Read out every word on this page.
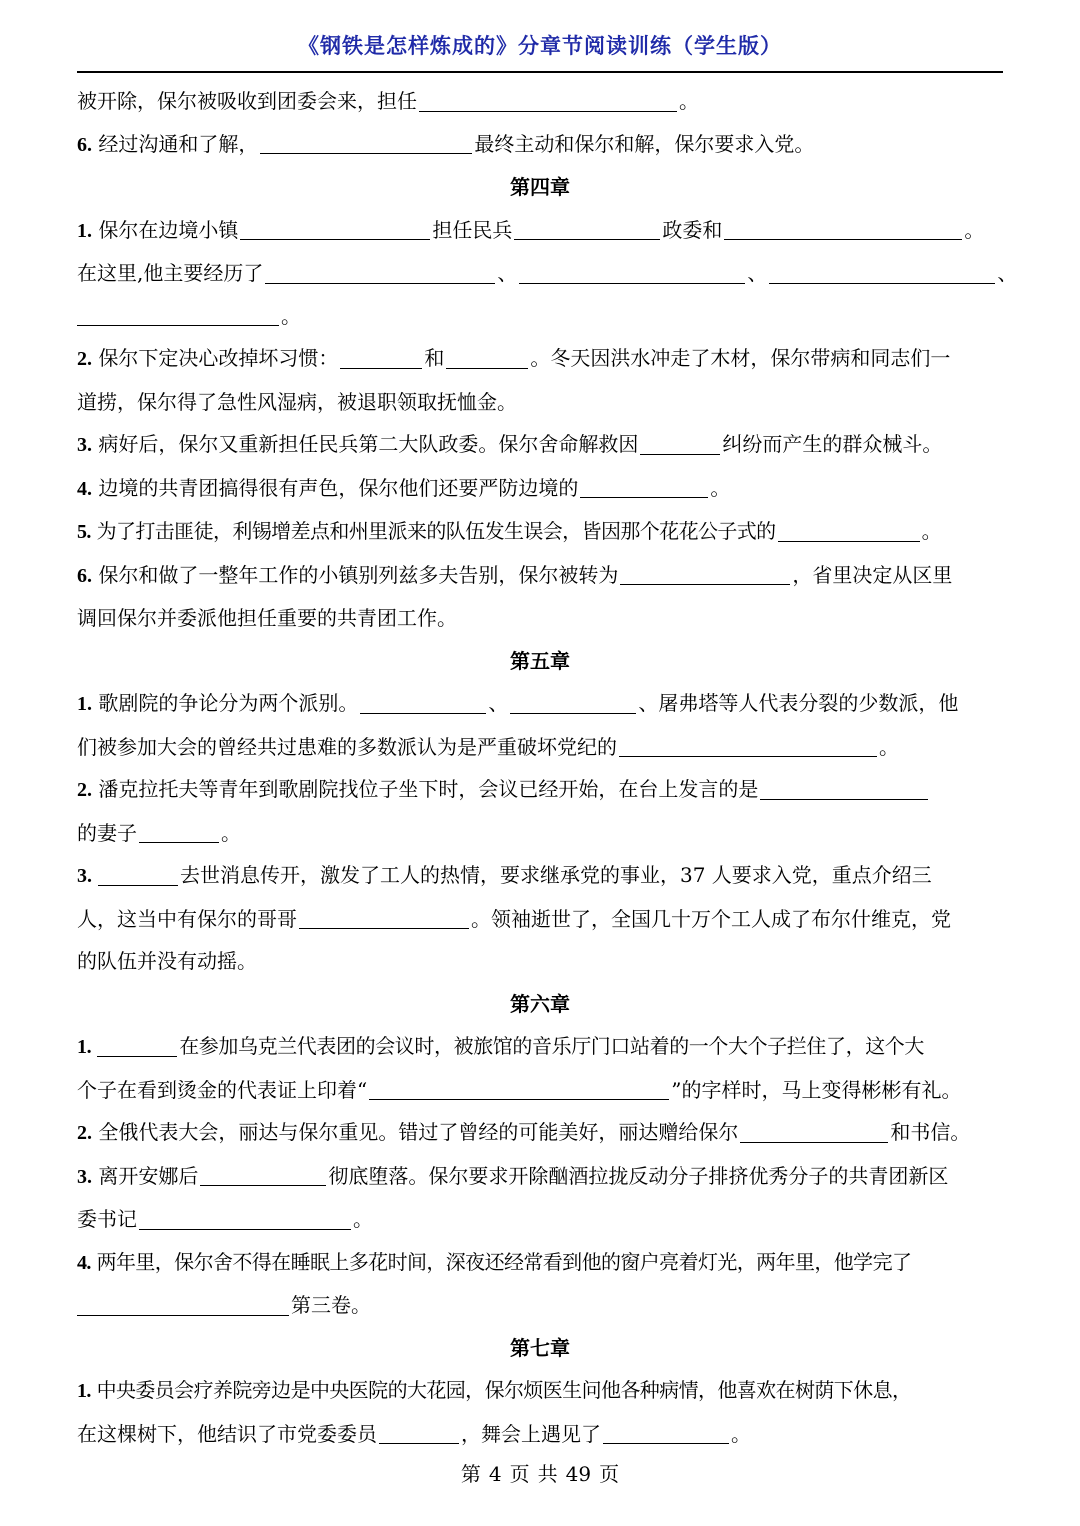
《钢铁是怎样炼成的》分章节阅读训练（学生版）
被开除，保尔被吸收到团委会来，担任	。
6. 经过沟通和了解，	最终主动和保尔和解，保尔要求入党。
第四章
1. 保尔在边境小镇	担任民兵	政委和	。
在这里,他主要经历了	、	、	、
。
2. 保尔下定决心改掉坏习惯：	和	。冬天因洪水冲走了木材，保尔带病和同志们一
道捞，保尔得了急性风湿病，被退职领取抚恤金。
3. 病好后，保尔又重新担任民兵第二大队政委。保尔舍命解救因	纠纷而产生的群众械斗。
4. 边境的共青团搞得很有声色，保尔他们还要严防边境的	。
5. 为了打击匪徒，利锡增差点和州里派来的队伍发生误会，皆因那个花花公子式的	。
6. 保尔和做了一整年工作的小镇别列兹多夫告别，保尔被转为	，省里决定从区里
调回保尔并委派他担任重要的共青团工作。
第五章
1. 歌剧院的争论分为两个派别。	、	、屠弗塔等人代表分裂的少数派，他
们被参加大会的曾经共过患难的多数派认为是严重破坏党纪的	。
2. 潘克拉托夫等青年到歌剧院找位子坐下时，会议已经开始，在台上发言的是
的妻子	。
3.	去世消息传开，激发了工人的热情，要求继承党的事业，37 人要求入党，重点介绍三
人，这当中有保尔的哥哥	。领袖逝世了，全国几十万个工人成了布尔什维克，党
的队伍并没有动摇。
第六章
1.	在参加乌克兰代表团的会议时，被旅馆的音乐厅门口站着的一个大个子拦住了，这个大
个子在看到烫金的代表证上印着“	”的字样时，马上变得彬彬有礼。
2. 全俄代表大会，丽达与保尔重见。错过了曾经的可能美好，丽达赠给保尔	和书信。
3. 离开安娜后	彻底堕落。保尔要求开除酗酒拉拢反动分子排挤优秀分子的共青团新区
委书记	。
4. 两年里，保尔舍不得在睡眠上多花时间，深夜还经常看到他的窗户亮着灯光，两年里，他学完了
第三卷。
第七章
1. 中央委员会疗养院旁边是中央医院的大花园，保尔烦医生问他各种病情，他喜欢在树荫下休息，
在这棵树下，他结识了市党委委员	，舞会上遇见了	。
第 4 页 共 49 页
